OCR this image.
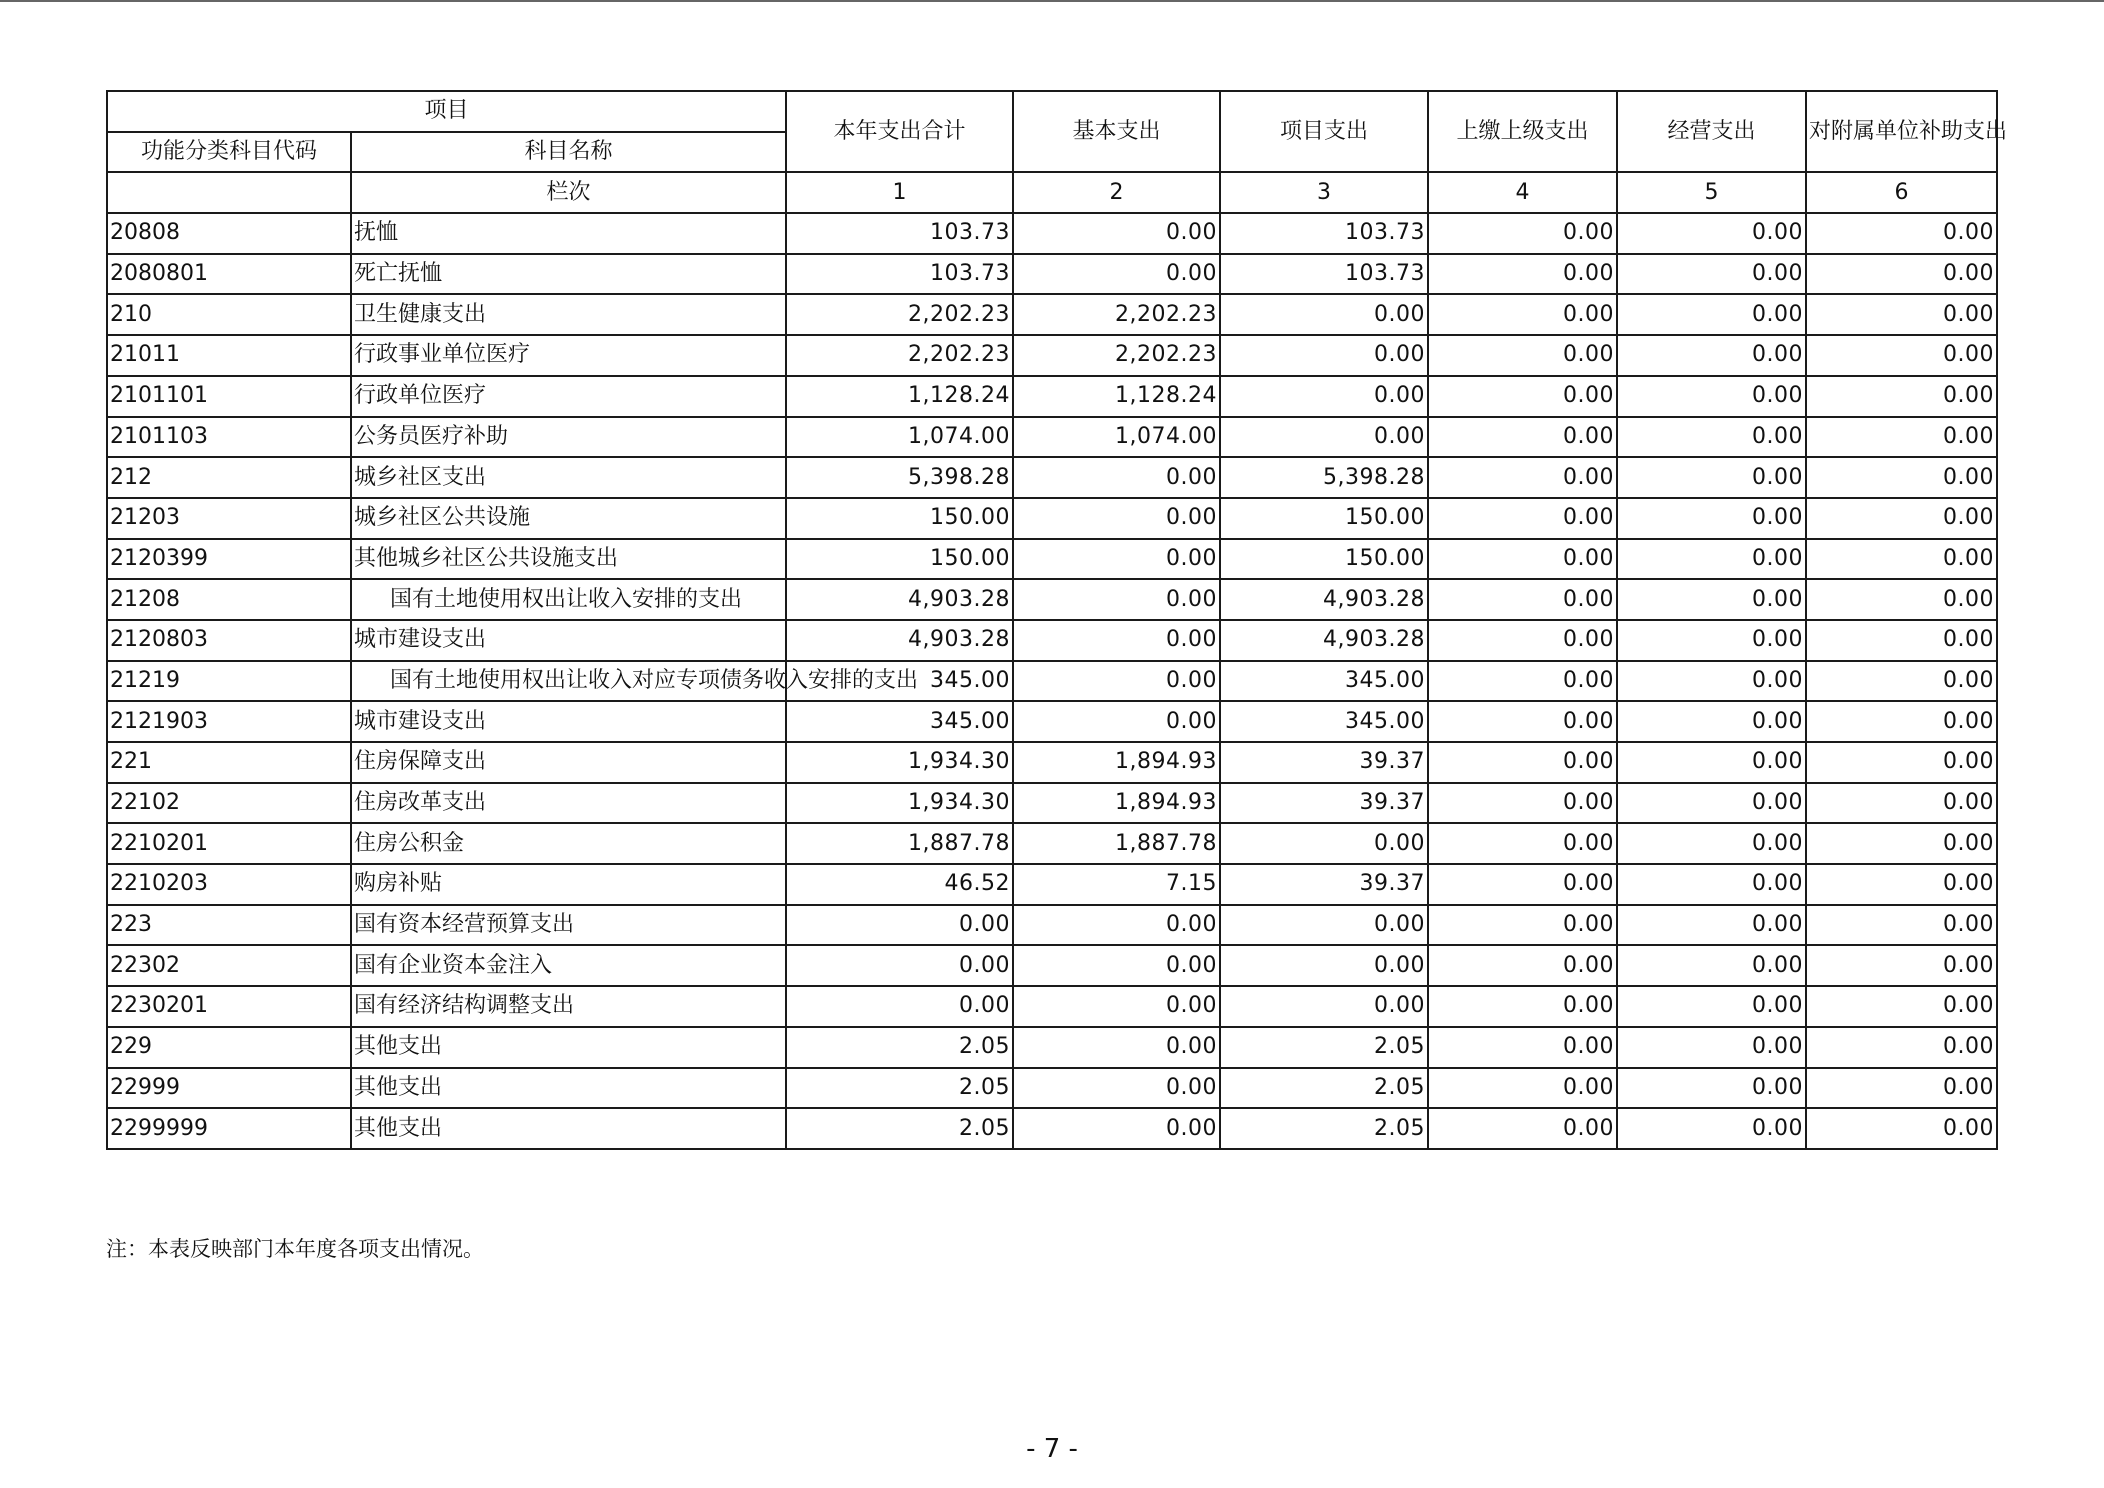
项目		本年支出合计	基本支出	项目支出	上缴上级支出	经营支出	对附属单位补助支出
功能分类科目代码	科目名称						
	栏次	1	2	3	4	5	6
20808	抚恤	103.73	0.00	103.73	0.00	0.00	0.00
2080801	死亡抚恤	103.73	0.00	103.73	0.00	0.00	0.00
210	卫生健康支出	2,202.23	2,202.23	0.00	0.00	0.00	0.00
21011	行政事业单位医疗	2,202.23	2,202.23	0.00	0.00	0.00	0.00
2101101	行政单位医疗	1,128.24	1,128.24	0.00	0.00	0.00	0.00
2101103	公务员医疗补助	1,074.00	1,074.00	0.00	0.00	0.00	0.00
212	城乡社区支出	5,398.28	0.00	5,398.28	0.00	0.00	0.00
21203	城乡社区公共设施	150.00	0.00	150.00	0.00	0.00	0.00
2120399	其他城乡社区公共设施支出	150.00	0.00	150.00	0.00	0.00	0.00
21208	国有土地使用权出让收入安排的支出	4,903.28	0.00	4,903.28	0.00	0.00	0.00
2120803	城市建设支出	4,903.28	0.00	4,903.28	0.00	0.00	0.00
21219	国有土地使用权出让收入对应专项债务收入安排的支出	345.00	0.00	345.00	0.00	0.00	0.00
2121903	城市建设支出	345.00	0.00	345.00	0.00	0.00	0.00
221	住房保障支出	1,934.30	1,894.93	39.37	0.00	0.00	0.00
22102	住房改革支出	1,934.30	1,894.93	39.37	0.00	0.00	0.00
2210201	住房公积金	1,887.78	1,887.78	0.00	0.00	0.00	0.00
2210203	购房补贴	46.52	7.15	39.37	0.00	0.00	0.00
223	国有资本经营预算支出	0.00	0.00	0.00	0.00	0.00	0.00
22302	国有企业资本金注入	0.00	0.00	0.00	0.00	0.00	0.00
2230201	国有经济结构调整支出	0.00	0.00	0.00	0.00	0.00	0.00
229	其他支出	2.05	0.00	2.05	0.00	0.00	0.00
22999	其他支出	2.05	0.00	2.05	0.00	0.00	0.00
2299999	其他支出	2.05	0.00	2.05	0.00	0.00	0.00
注：本表反映部门本年度各项支出情况。
- 7 -
